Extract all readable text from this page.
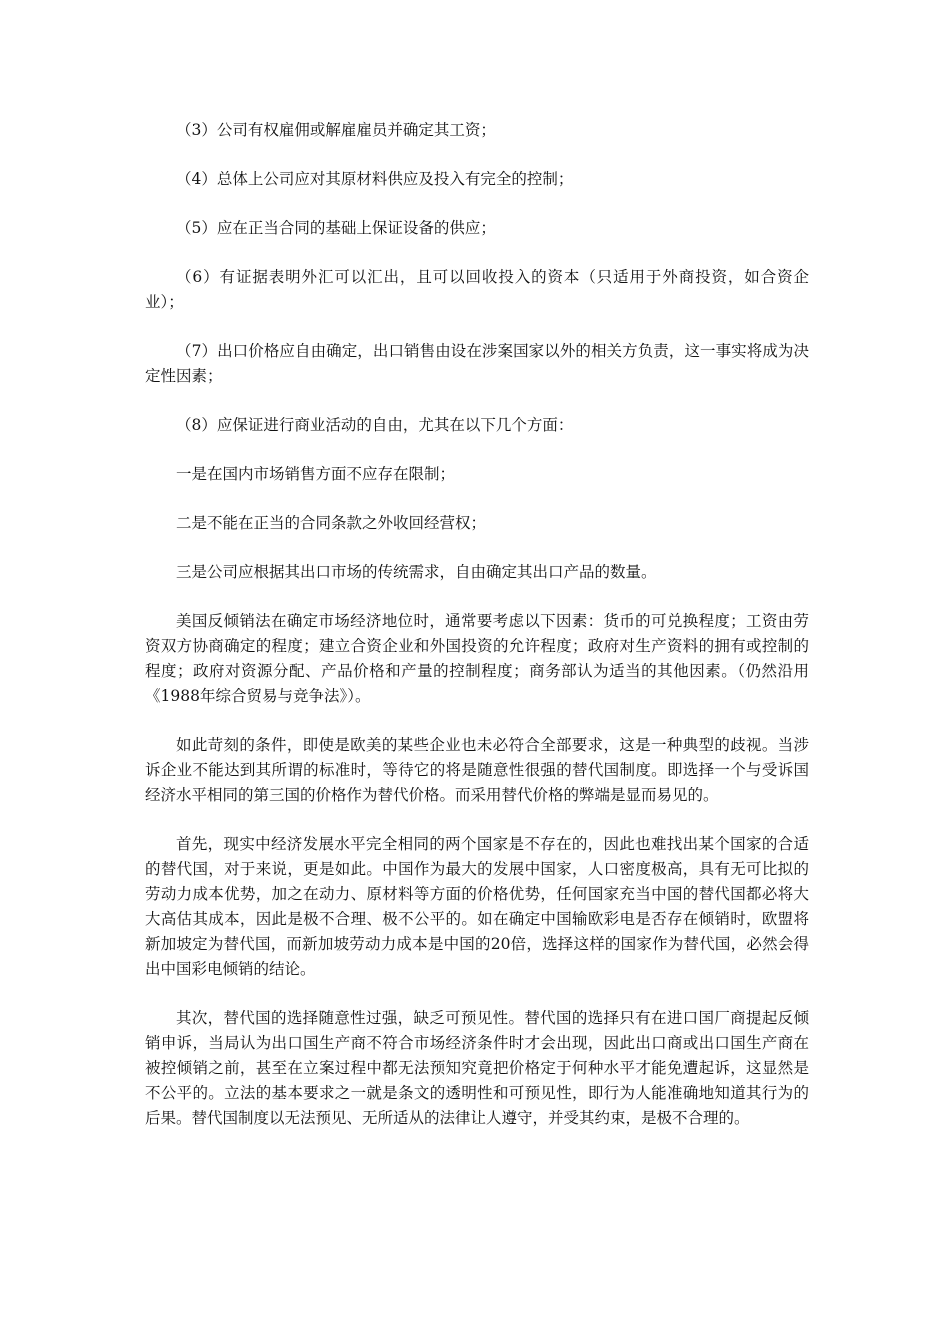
（3）公司有权雇佣或解雇雇员并确定其工资；

（4）总体上公司应对其原材料供应及投入有完全的控制；

（5）应在正当合同的基础上保证设备的供应；

（6）有证据表明外汇可以汇出，且可以回收投入的资本（只适用于外商投资，如合资企业）；

（7）出口价格应自由确定，出口销售由设在涉案国家以外的相关方负责，这一事实将成为决定性因素；

（8）应保证进行商业活动的自由，尤其在以下几个方面：

一是在国内市场销售方面不应存在限制；

二是不能在正当的合同条款之外收回经营权；

三是公司应根据其出口市场的传统需求，自由确定其出口产品的数量。

美国反倾销法在确定市场经济地位时，通常要考虑以下因素：货币的可兑换程度；工资由劳资双方协商确定的程度；建立合资企业和外国投资的允许程度；政府对生产资料的拥有或控制的程度；政府对资源分配、产品价格和产量的控制程度；商务部认为适当的其他因素。（仍然沿用《1988年综合贸易与竞争法》）。

如此苛刻的条件，即使是欧美的某些企业也未必符合全部要求，这是一种典型的歧视。当涉诉企业不能达到其所谓的标准时，等待它的将是随意性很强的替代国制度。即选择一个与受诉国经济水平相同的第三国的价格作为替代价格。而采用替代价格的弊端是显而易见的。

首先，现实中经济发展水平完全相同的两个国家是不存在的，因此也难找出某个国家的合适的替代国，对于来说，更是如此。中国作为最大的发展中国家，人口密度极高，具有无可比拟的劳动力成本优势，加之在动力、原材料等方面的价格优势，任何国家充当中国的替代国都必将大大高估其成本，因此是极不合理、极不公平的。如在确定中国输欧彩电是否存在倾销时，欧盟将新加坡定为替代国，而新加坡劳动力成本是中国的20倍，选择这样的国家作为替代国，必然会得出中国彩电倾销的结论。

其次，替代国的选择随意性过强，缺乏可预见性。替代国的选择只有在进口国厂商提起反倾销申诉，当局认为出口国生产商不符合市场经济条件时才会出现，因此出口商或出口国生产商在被控倾销之前，甚至在立案过程中都无法预知究竟把价格定于何种水平才能免遭起诉，这显然是不公平的。立法的基本要求之一就是条文的透明性和可预见性，即行为人能准确地知道其行为的后果。替代国制度以无法预见、无所适从的法律让人遵守，并受其约束，是极不合理的。
